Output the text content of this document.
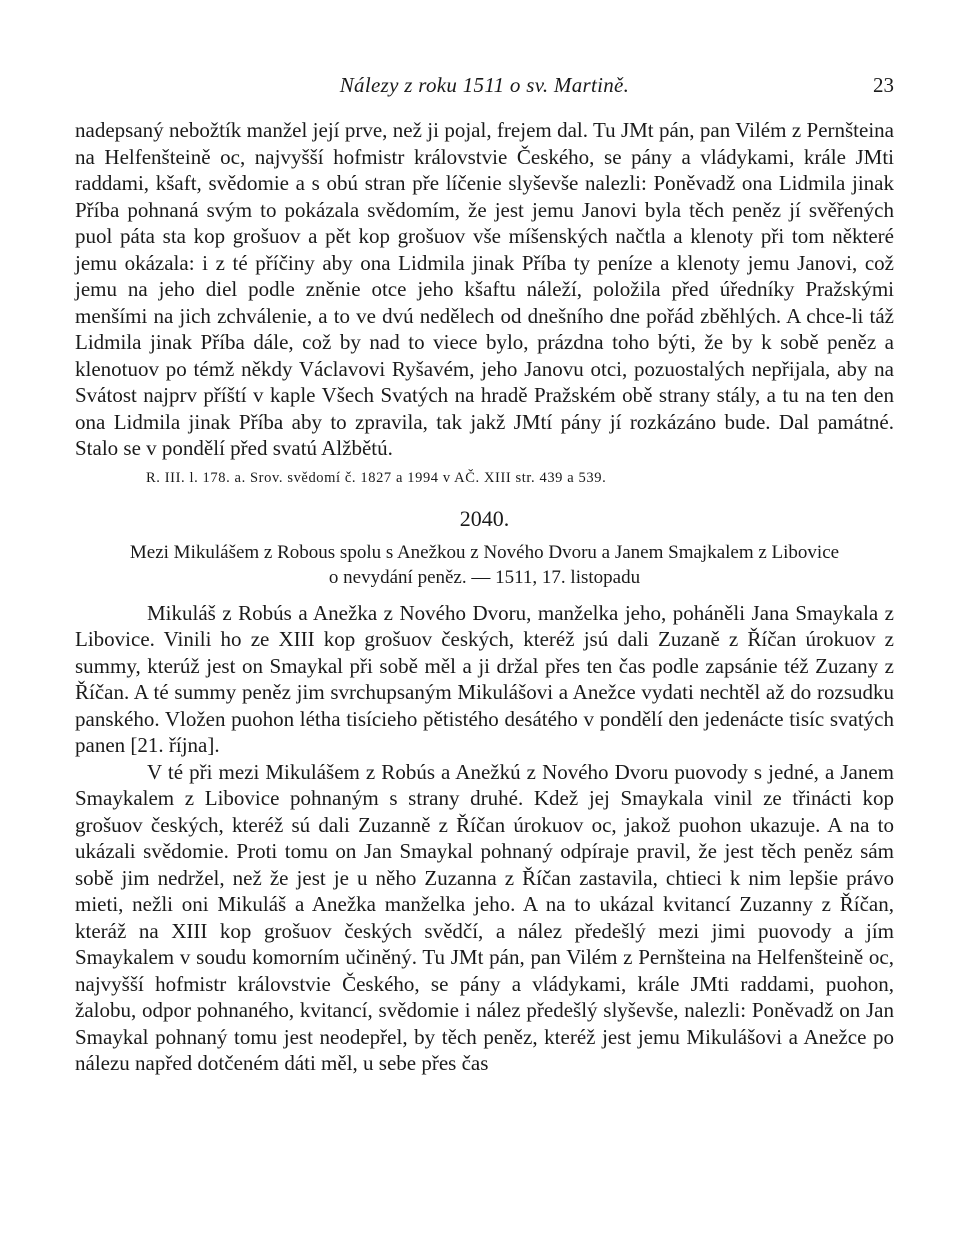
Nálezy z roku 1511 o sv. Martině.	23

nadepsaný nebožtík manžel její prve, než ji pojal, frejem dal. Tu JMt pán, pan Vilém z Pernšteina na Helfenšteině oc, najvyšší hofmistr královstvie Českého, se pány a vládykami, krále JMti raddami, kšaft, svědomie a s obú stran pře líčenie slyševše nalezli: Poněvadž ona Lidmila jinak Příba pohnaná svým to pokázala svědomím, že jest jemu Janovi byla těch peněz jí svěřených puol páta sta kop grošuov a pět kop grošuov vše míšenských načtla a klenoty při tom některé jemu okázala: i z té příčiny aby ona Lidmila jinak Příba ty peníze a klenoty jemu Janovi, což jemu na jeho diel podle zněnie otce jeho kšaftu náleží, položila před úředníky Pražskými menšími na jich zchválenie, a to ve dvú nedělech od dnešního dne pořád zběhlých. A chce-li táž Lidmila jinak Příba dále, což by nad to viece bylo, prázdna toho býti, že by k sobě peněz a klenotuov po témž někdy Václavovi Ryšavém, jeho Janovu otci, pozuostalých nepřijala, aby na Svátost najprv příští v kaple Všech Svatých na hradě Pražském obě strany stály, a tu na ten den ona Lidmila jinak Příba aby to zpravila, tak jakž JMtí pány jí rozkázáno bude. Dal památné. Stalo se v pondělí před svatú Alžbětú.

R. III. l. 178. a. Srov. svědomí č. 1827 a 1994 v AČ. XIII str. 439 a 539.
2040.
Mezi Mikulášem z Robous spolu s Anežkou z Nového Dvoru a Janem Smajkalem z Libovice
o nevydání peněz. — 1511, 17. listopadu

Mikuláš z Robús a Anežka z Nového Dvoru, manželka jeho, poháněli Jana Smaykala z Libovice. Vinili ho ze XIII kop grošuov českých, kteréž jsú dali Zuzaně z Říčan úrokuov z summy, kterúž jest on Smaykal při sobě měl a ji držal přes ten čas podle zapsánie též Zuzany z Říčan. A té summy peněz jim svrchupsaným Mikulášovi a Anežce vydati nechtěl až do rozsudku panského. Vložen puohon létha tisícieho pětistého desátého v pondělí den jedenácte tisíc svatých panen [21. října].

V té při mezi Mikulášem z Robús a Anežkú z Nového Dvoru puovody s jedné, a Janem Smaykalem z Libovice pohnaným s strany druhé. Kdež jej Smaykala vinil ze třinácti kop grošuov českých, kteréž sú dali Zuzanně z Říčan úrokuov oc, jakož puohon ukazuje. A na to ukázali svědomie. Proti tomu on Jan Smaykal pohnaný odpíraje pravil, že jest těch peněz sám sobě jim nedržel, než že jest je u něho Zuzanna z Říčan zastavila, chtieci k nim lepšie právo mieti, nežli oni Mikuláš a Anežka manželka jeho. A na to ukázal kvitancí Zuzanny z Říčan, kteráž na XIII kop grošuov českých svědčí, a nález předešlý mezi jimi puovody a jím Smaykalem v soudu komorním učiněný. Tu JMt pán, pan Vilém z Pernšteina na Helfenšteině oc, najvyšší hofmistr královstvie Českého, se pány a vládykami, krále JMti raddami, puohon, žalobu, odpor pohnaného, kvitancí, svědomie i nález předešlý slyševše, nalezli: Poněvadž on Jan Smaykal pohnaný tomu jest neodepřel, by těch peněz, kteréž jest jemu Mikulášovi a Anežce po nálezu napřed dotčeném dáti měl, u sebe přes čas
